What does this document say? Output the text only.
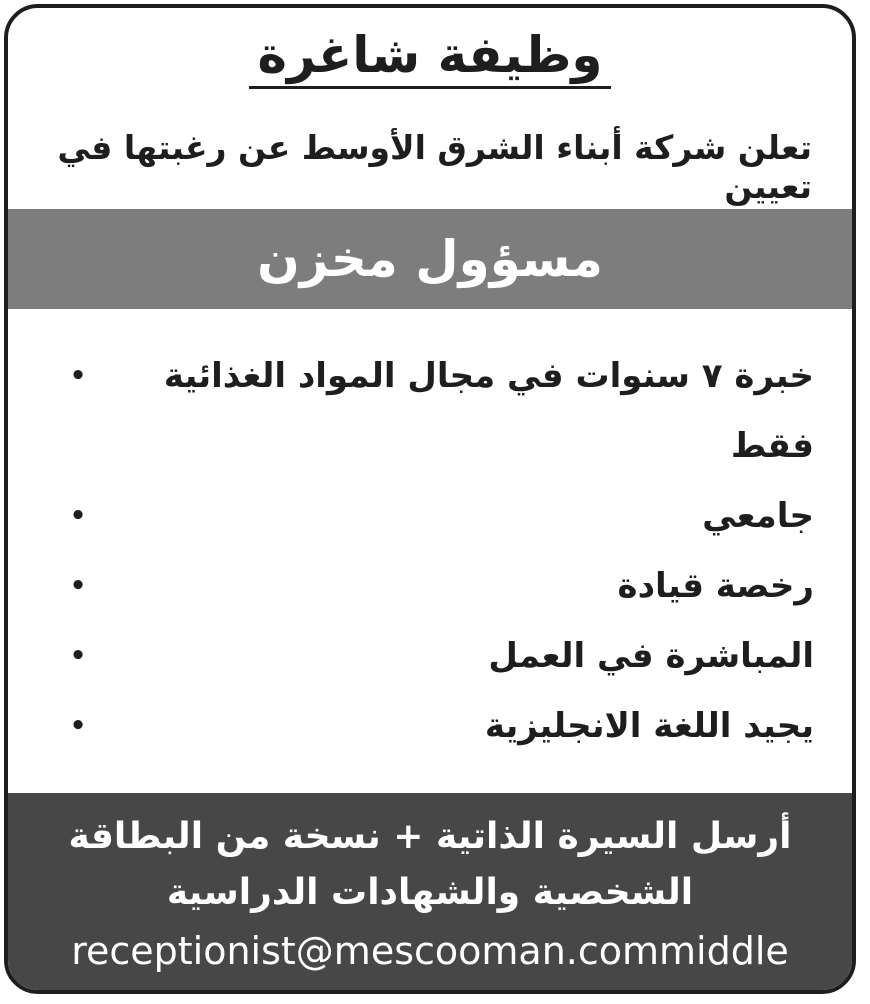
وظيفة شاغرة
تعلن شركة أبناء الشرق الأوسط عن رغبتها في تعيين
مسؤول مخزن
خبرة ٧ سنوات في مجال المواد الغذائية فقط
•
جامعي
•
رخصة قيادة
•
المباشرة في العمل
•
يجيد اللغة الانجليزية
•
أرسل السيرة الذاتية + نسخة من البطاقة
الشخصية والشهادات الدراسية
receptionist@mescooman.commiddle
